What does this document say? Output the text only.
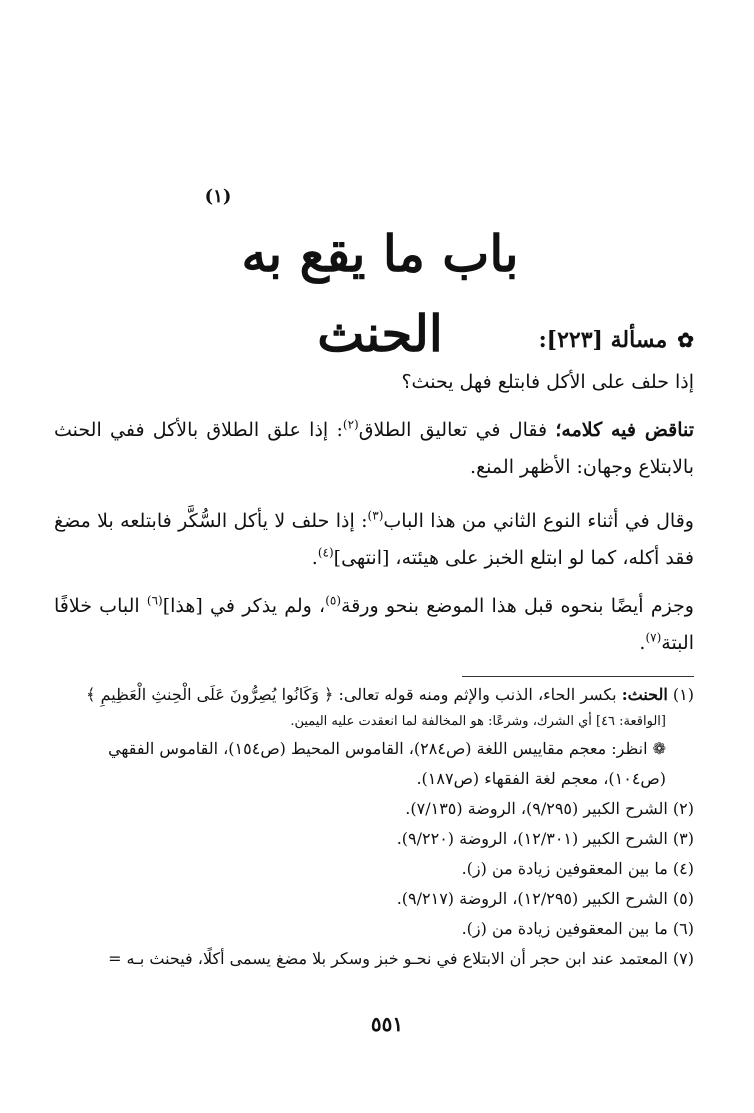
(١)
باب ما يقع به الحنث	✿
مسألة [٢٢٣]:

إذا حلف على الأكل فابتلع فهل يحنث؟

تناقض فيه كلامه؛ فقال في تعاليق الطلاق$^{(٢)}$: إذا علق الطلاق بالأكل ففي الحنث بالابتلاع وجهان: الأظهر المنع.

وقال في أثناء النوع الثاني من هذا الباب$^{(٣)}$: إذا حلف لا يأكل السُّكَّر فابتلعه بلا مضغ فقد أكله، كما لو ابتلع الخبز على هيئته، [انتهى]$^{(٤)}$.

وجزم أيضًا بنحوه قبل هذا الموضع بنحو ورقة$^{(٥)}$، ولم يذكر في [هذا]$^{(٦)}$ الباب خلافًا البتة$^{(٧)}$.

(١) الحنث: بكسر الحاء، الذنب والإثم ومنه قوله تعالى: ﴿ وَكَانُوا يُصِرُّونَ عَلَى الْحِنثِ الْعَظِيمِ ﴾

[الواقعة: ٤٦] أي الشرك، وشرعًا: هو المخالفة لما انعقدت عليه اليمين.

❁ انظر: معجم مقاييس اللغة (ص٢٨٤)، القاموس المحيط (ص١٥٤)، القاموس الفقهي

(ص١٠٤)، معجم لغة الفقهاء (ص١٨٧).

(٢) الشرح الكبير (٩/٢٩٥)، الروضة (٧/١٣٥).

(٣) الشرح الكبير (١٢/٣٠١)، الروضة (٩/٢٢٠).

(٤) ما بين المعقوفين زيادة من (ز).

(٥) الشرح الكبير (١٢/٢٩٥)، الروضة (٩/٢١٧).

(٦) ما بين المعقوفين زيادة من (ز).

(٧) المعتمد عند ابن حجر أن الابتلاع في نحـو خبز وسكر بلا مضغ يسمى أكلًا، فيحنث بـه =

٥٥١
